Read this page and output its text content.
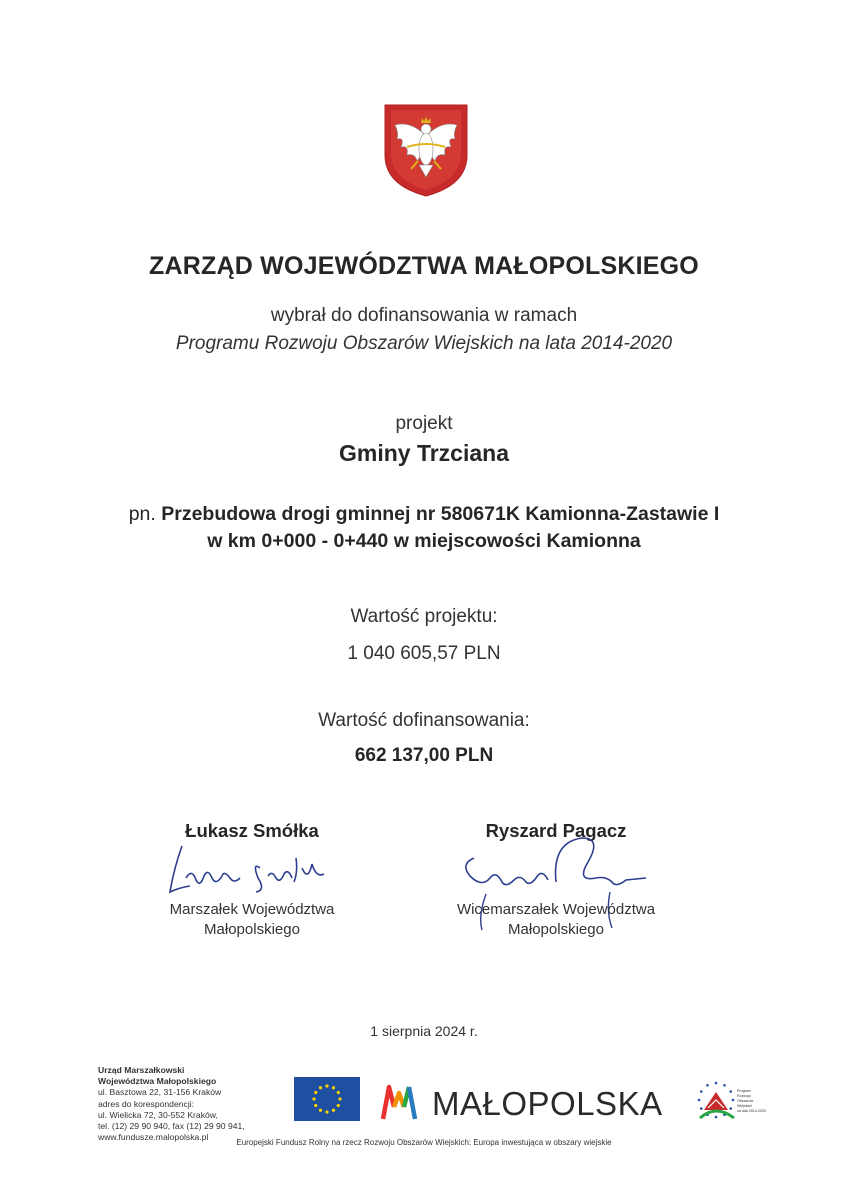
ZARZĄD WOJEWÓDZTWA MAŁOPOLSKIEGO
wybrał do dofinansowania w ramach
Programu Rozwoju Obszarów Wiejskich na lata 2014-2020
projekt
Gminy Trzciana
pn. Przebudowa drogi gminnej nr 580671K Kamionna-Zastawie I
w km 0+000 - 0+440 w miejscowości Kamionna
Wartość projektu:
1 040 605,57 PLN
Wartość dofinansowania:
662 137,00 PLN
Łukasz Smółka
Marszałek Województwa
Małopolskiego
Ryszard Pagacz
Wicemarszałek Województwa
Małopolskiego
1 sierpnia 2024 r.
Urząd Marszałkowski
Województwa Małopolskiego
ul. Basztowa 22, 31-156 Kraków
adres do korespondencji:
ul. Wielicka 72, 30-552 Kraków,
tel. (12) 29 90 940, fax (12) 29 90 941,
www.fundusze.malopolska.pl
MAŁOPOLSKA	Program
Rozwoju
Obszarów
Wiejskich
na lata 2014-2020
Europejski Fundusz Rolny na rzecz Rozwoju Obszarów Wiejskich: Europa inwestująca w obszary wiejskie
